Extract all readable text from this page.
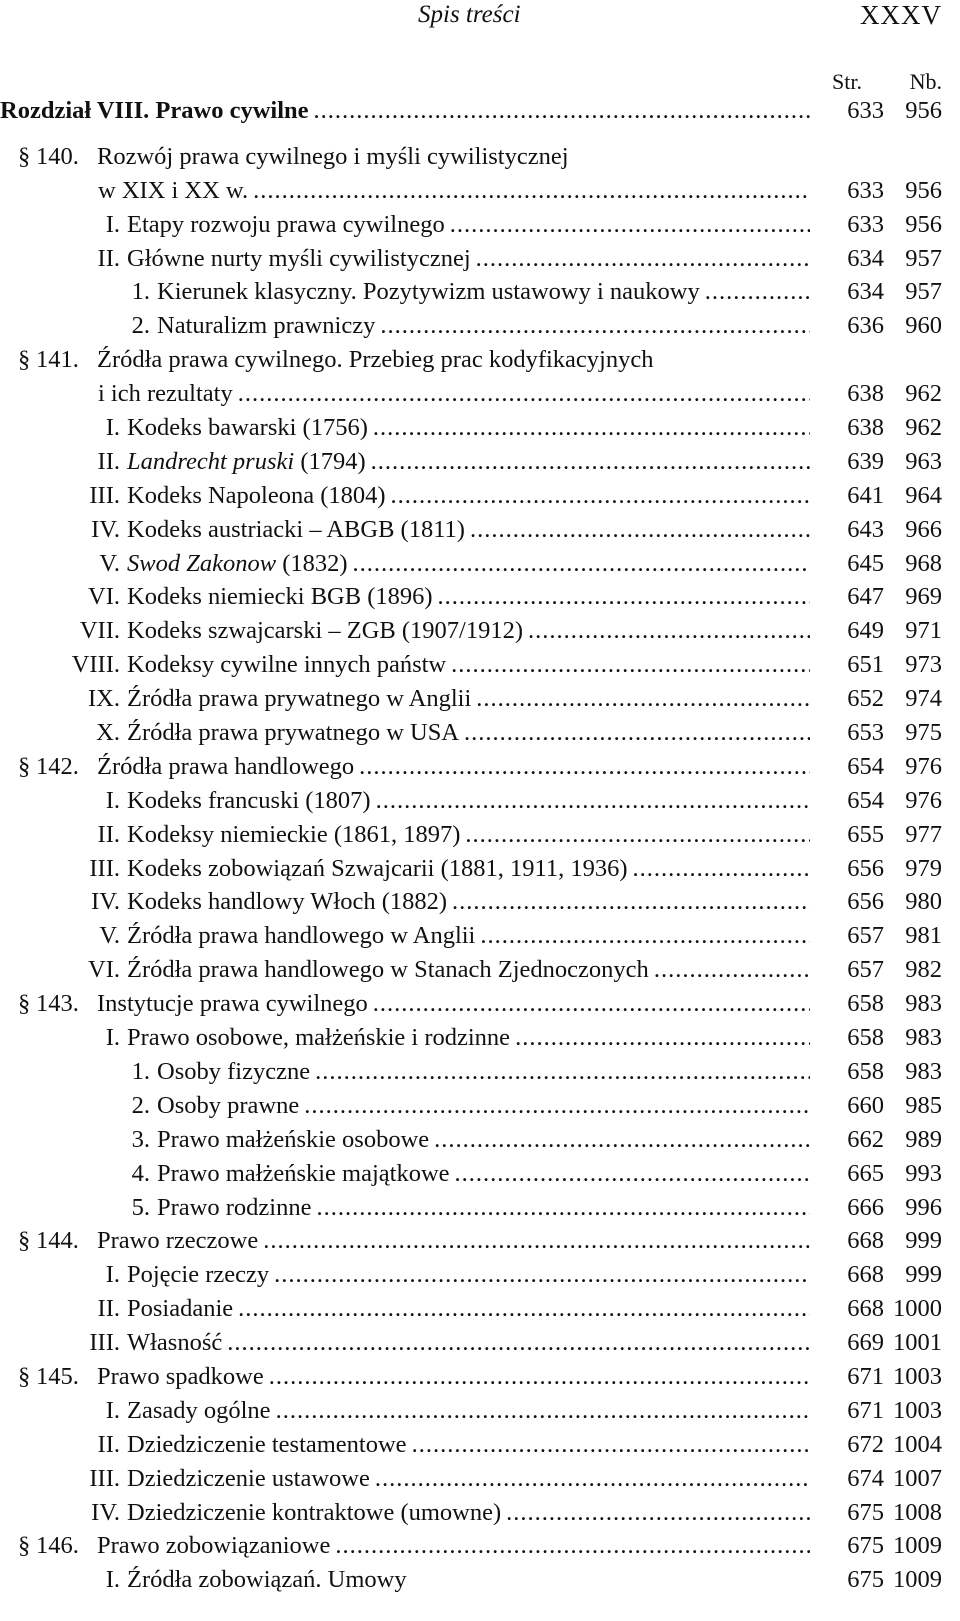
Spis treści	XXXV
Str. Nb.
Rozdział VIII. Prawo cywilne .....	633 956
§ 140. Rozwój prawa cywilnego i myśli cywilistycznej
w XIX i XX w. .....	633 956
I. Etapy rozwoju prawa cywilnego .....	633 956
II. Główne nurty myśli cywilistycznej .....	634 957
1. Kierunek klasyczny. Pozytywizm ustawowy i naukowy .....	634 957
2. Naturalizm prawniczy .....	636 960
§ 141. Źródła prawa cywilnego. Przebieg prac kodyfikacyjnych
i ich rezultaty .....	638 962
I. Kodeks bawarski (1756) .....	638 962
II. Landrecht pruski (1794) .....	639 963
III. Kodeks Napoleona (1804) .....	641 964
IV. Kodeks austriacki – ABGB (1811) .....	643 966
V. Swod Zakonow (1832) .....	645 968
VI. Kodeks niemiecki BGB (1896) .....	647 969
VII. Kodeks szwajcarski – ZGB (1907/1912) .....	649 971
VIII. Kodeksy cywilne innych państw .....	651 973
IX. Źródła prawa prywatnego w Anglii .....	652 974
X. Źródła prawa prywatnego w USA .....	653 975
§ 142. Źródła prawa handlowego .....	654 976
I. Kodeks francuski (1807) .....	654 976
II. Kodeksy niemieckie (1861, 1897) .....	655 977
III. Kodeks zobowiązań Szwajcarii (1881, 1911, 1936) .....	656 979
IV. Kodeks handlowy Włoch (1882) .....	656 980
V. Źródła prawa handlowego w Anglii .....	657 981
VI. Źródła prawa handlowego w Stanach Zjednoczonych .....	657 982
§ 143. Instytucje prawa cywilnego .....	658 983
I. Prawo osobowe, małżeńskie i rodzinne .....	658 983
1. Osoby fizyczne .....	658 983
2. Osoby prawne .....	660 985
3. Prawo małżeńskie osobowe .....	662 989
4. Prawo małżeńskie majątkowe .....	665 993
5. Prawo rodzinne .....	666 996
§ 144. Prawo rzeczowe .....	668 999
I. Pojęcie rzeczy .....	668 999
II. Posiadanie .....	668 1000
III. Własność .....	669 1001
§ 145. Prawo spadkowe .....	671 1003
I. Zasady ogólne .....	671 1003
II. Dziedziczenie testamentowe .....	672 1004
III. Dziedziczenie ustawowe .....	674 1007
IV. Dziedziczenie kontraktowe (umowne) .....	675 1008
§ 146. Prawo zobowiązaniowe .....	675 1009
I. Źródła zobowiązań. Umowy	675 1009
